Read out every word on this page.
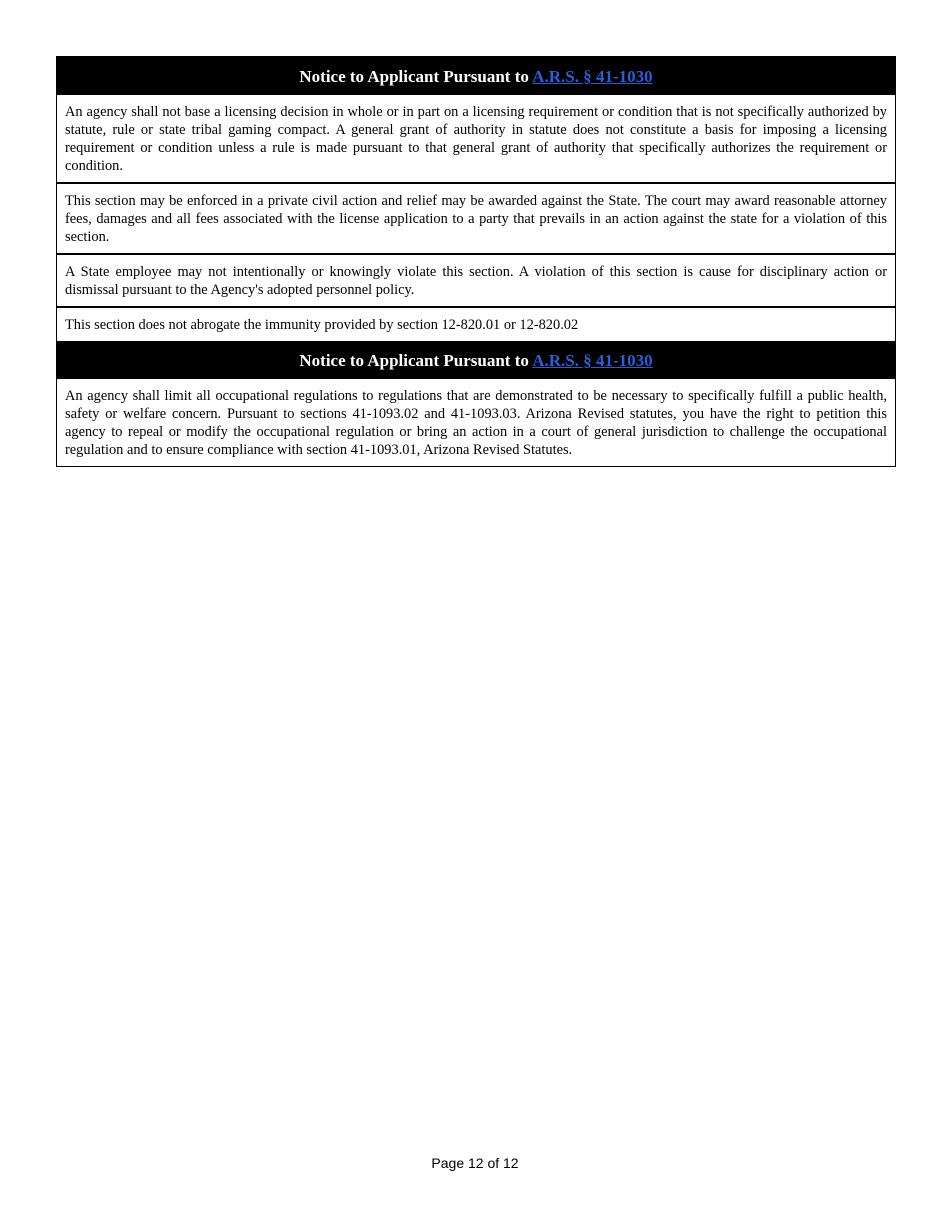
Notice to Applicant Pursuant to A.R.S. § 41-1030
An agency shall not base a licensing decision in whole or in part on a licensing requirement or condition that is not specifically authorized by statute, rule or state tribal gaming compact. A general grant of authority in statute does not constitute a basis for imposing a licensing requirement or condition unless a rule is made pursuant to that general grant of authority that specifically authorizes the requirement or condition.
This section may be enforced in a private civil action and relief may be awarded against the State. The court may award reasonable attorney fees, damages and all fees associated with the license application to a party that prevails in an action against the state for a violation of this section.
A State employee may not intentionally or knowingly violate this section. A violation of this section is cause for disciplinary action or dismissal pursuant to the Agency's adopted personnel policy.
This section does not abrogate the immunity provided by section 12-820.01 or 12-820.02
Notice to Applicant Pursuant to A.R.S. § 41-1030
An agency shall limit all occupational regulations to regulations that are demonstrated to be necessary to specifically fulfill a public health, safety or welfare concern. Pursuant to sections 41-1093.02 and 41-1093.03. Arizona Revised statutes, you have the right to petition this agency to repeal or modify the occupational regulation or bring an action in a court of general jurisdiction to challenge the occupational regulation and to ensure compliance with section 41-1093.01, Arizona Revised Statutes.
Page 12 of 12
